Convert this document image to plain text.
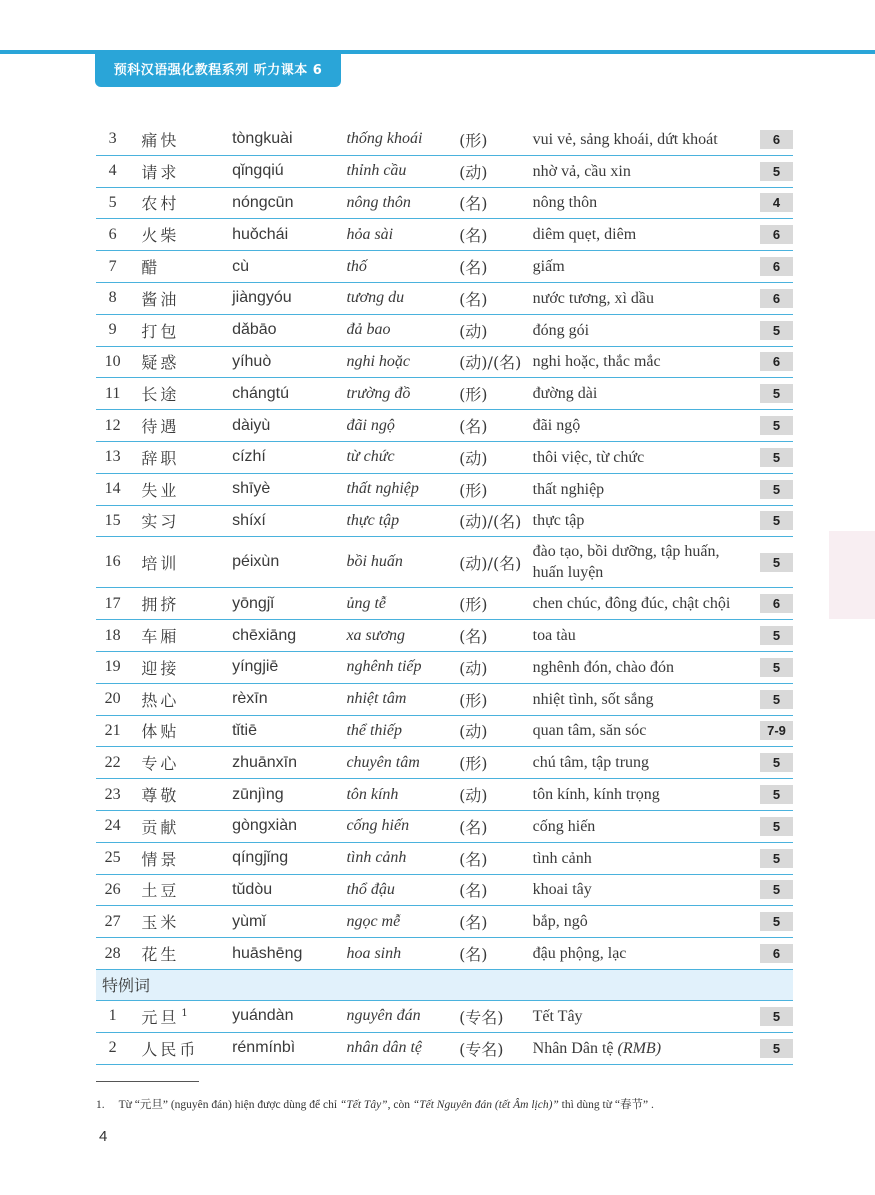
预科汉语强化教程系列 听力课本 6
3	痛快	tòngkuài	thống khoái	(形)	vui vẻ, sảng khoái, dứt khoát	6
4	请求	qǐngqiú	thỉnh cầu	(动)	nhờ vả, cầu xin	5
5	农村	nóngcūn	nông thôn	(名)	nông thôn	4
6	火柴	huǒchái	hỏa sài	(名)	diêm quẹt, diêm	6
7	醋	cù	thố	(名)	giấm	6
8	酱油	jiàngyóu	tương du	(名)	nước tương, xì dầu	6
9	打包	dǎbāo	đả bao	(动)	đóng gói	5
10	疑惑	yíhuò	nghi hoặc	(动)/(名)	nghi hoặc, thắc mắc	6
11	长途	chángtú	trường đồ	(形)	đường dài	5
12	待遇	dàiyù	đãi ngộ	(名)	đãi ngộ	5
13	辞职	cízhí	từ chức	(动)	thôi việc, từ chức	5
14	失业	shīyè	thất nghiệp	(形)	thất nghiệp	5
15	实习	shíxí	thực tập	(动)/(名)	thực tập	5
16	培训	péixùn	bồi huấn	(动)/(名)	đào tạo, bồi dưỡng, tập huấn, huấn luyện	5
17	拥挤	yōngjǐ	ủng tễ	(形)	chen chúc, đông đúc, chật chội	6
18	车厢	chēxiāng	xa sương	(名)	toa tàu	5
19	迎接	yíngjiē	nghênh tiếp	(动)	nghênh đón, chào đón	5
20	热心	rèxīn	nhiệt tâm	(形)	nhiệt tình, sốt sắng	5
21	体贴	tǐtiē	thể thiếp	(动)	quan tâm, săn sóc	7-9
22	专心	zhuānxīn	chuyên tâm	(形)	chú tâm, tập trung	5
23	尊敬	zūnjìng	tôn kính	(动)	tôn kính, kính trọng	5
24	贡献	gòngxiàn	cống hiến	(名)	cống hiến	5
25	情景	qíngjǐng	tình cảnh	(名)	tình cảnh	5
26	土豆	tǔdòu	thổ đậu	(名)	khoai tây	5
27	玉米	yùmǐ	ngọc mễ	(名)	bắp, ngô	5
28	花生	huāshēng	hoa sinh	(名)	đậu phộng, lạc	6
特例词						
1	元旦 $^1$	yuándàn	nguyên đán	(专名)	Tết Tây	5
2	人民币	rénmínbì	nhân dân tệ	(专名)	Nhân Dân tệ (RMB)	5
1. Từ “元旦” (nguyên đán) hiện được dùng để chỉ “Tết Tây”, còn “Tết Nguyên đán (tết Âm lịch)” thì dùng từ “春节” .
4
